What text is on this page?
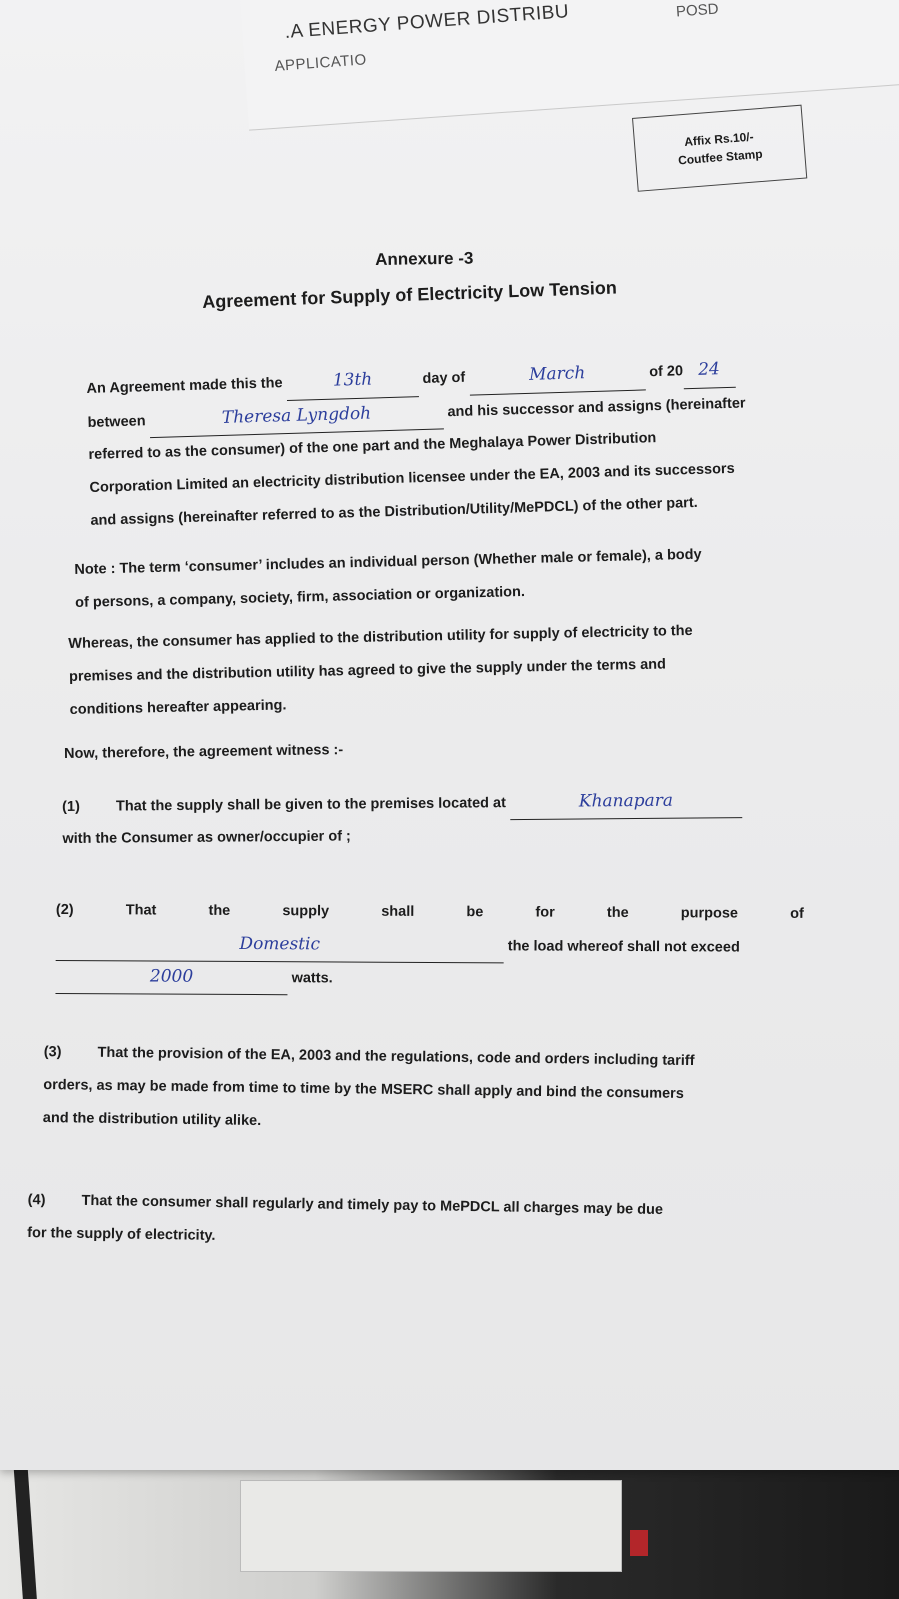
.A ENERGY POWER DISTRIBU
APPLICATIO
POSD
Affix Rs.10/-
Coutfee Stamp
Annexure -3
Agreement for Supply of Electricity Low Tension
An Agreement made this the	13th	day of	March	of 20 24
between	Theresa Lyngdoh	and his successor and assigns (hereinafter
referred to as the consumer) of the one part and the Meghalaya Power Distribution
Corporation Limited an electricity distribution licensee under the EA, 2003 and its successors
and assigns (hereinafter referred to as the Distribution/Utility/MePDCL) of the other part.
Note : The term ‘consumer’ includes an individual person (Whether male or female), a body
of persons, a company, society, firm, association or organization.
Whereas, the consumer has applied to the distribution utility for supply of electricity to the
premises and the distribution utility has agreed to give the supply under the terms and
conditions hereafter appearing.
Now, therefore, the agreement witness :-
(1) That the supply shall be given to the premises located at	Khanapara
with the Consumer as owner/occupier of ;
(2)	That	the	supply	shall	be	for	the	purpose	of
Domestic	the load whereof shall not exceed
2000	watts.
(3) That the provision of the EA, 2003 and the regulations, code and orders including tariff
orders, as may be made from time to time by the MSERC shall apply and bind the consumers
and the distribution utility alike.
(4) That the consumer shall regularly and timely pay to MePDCL all charges may be due
for the supply of electricity.
